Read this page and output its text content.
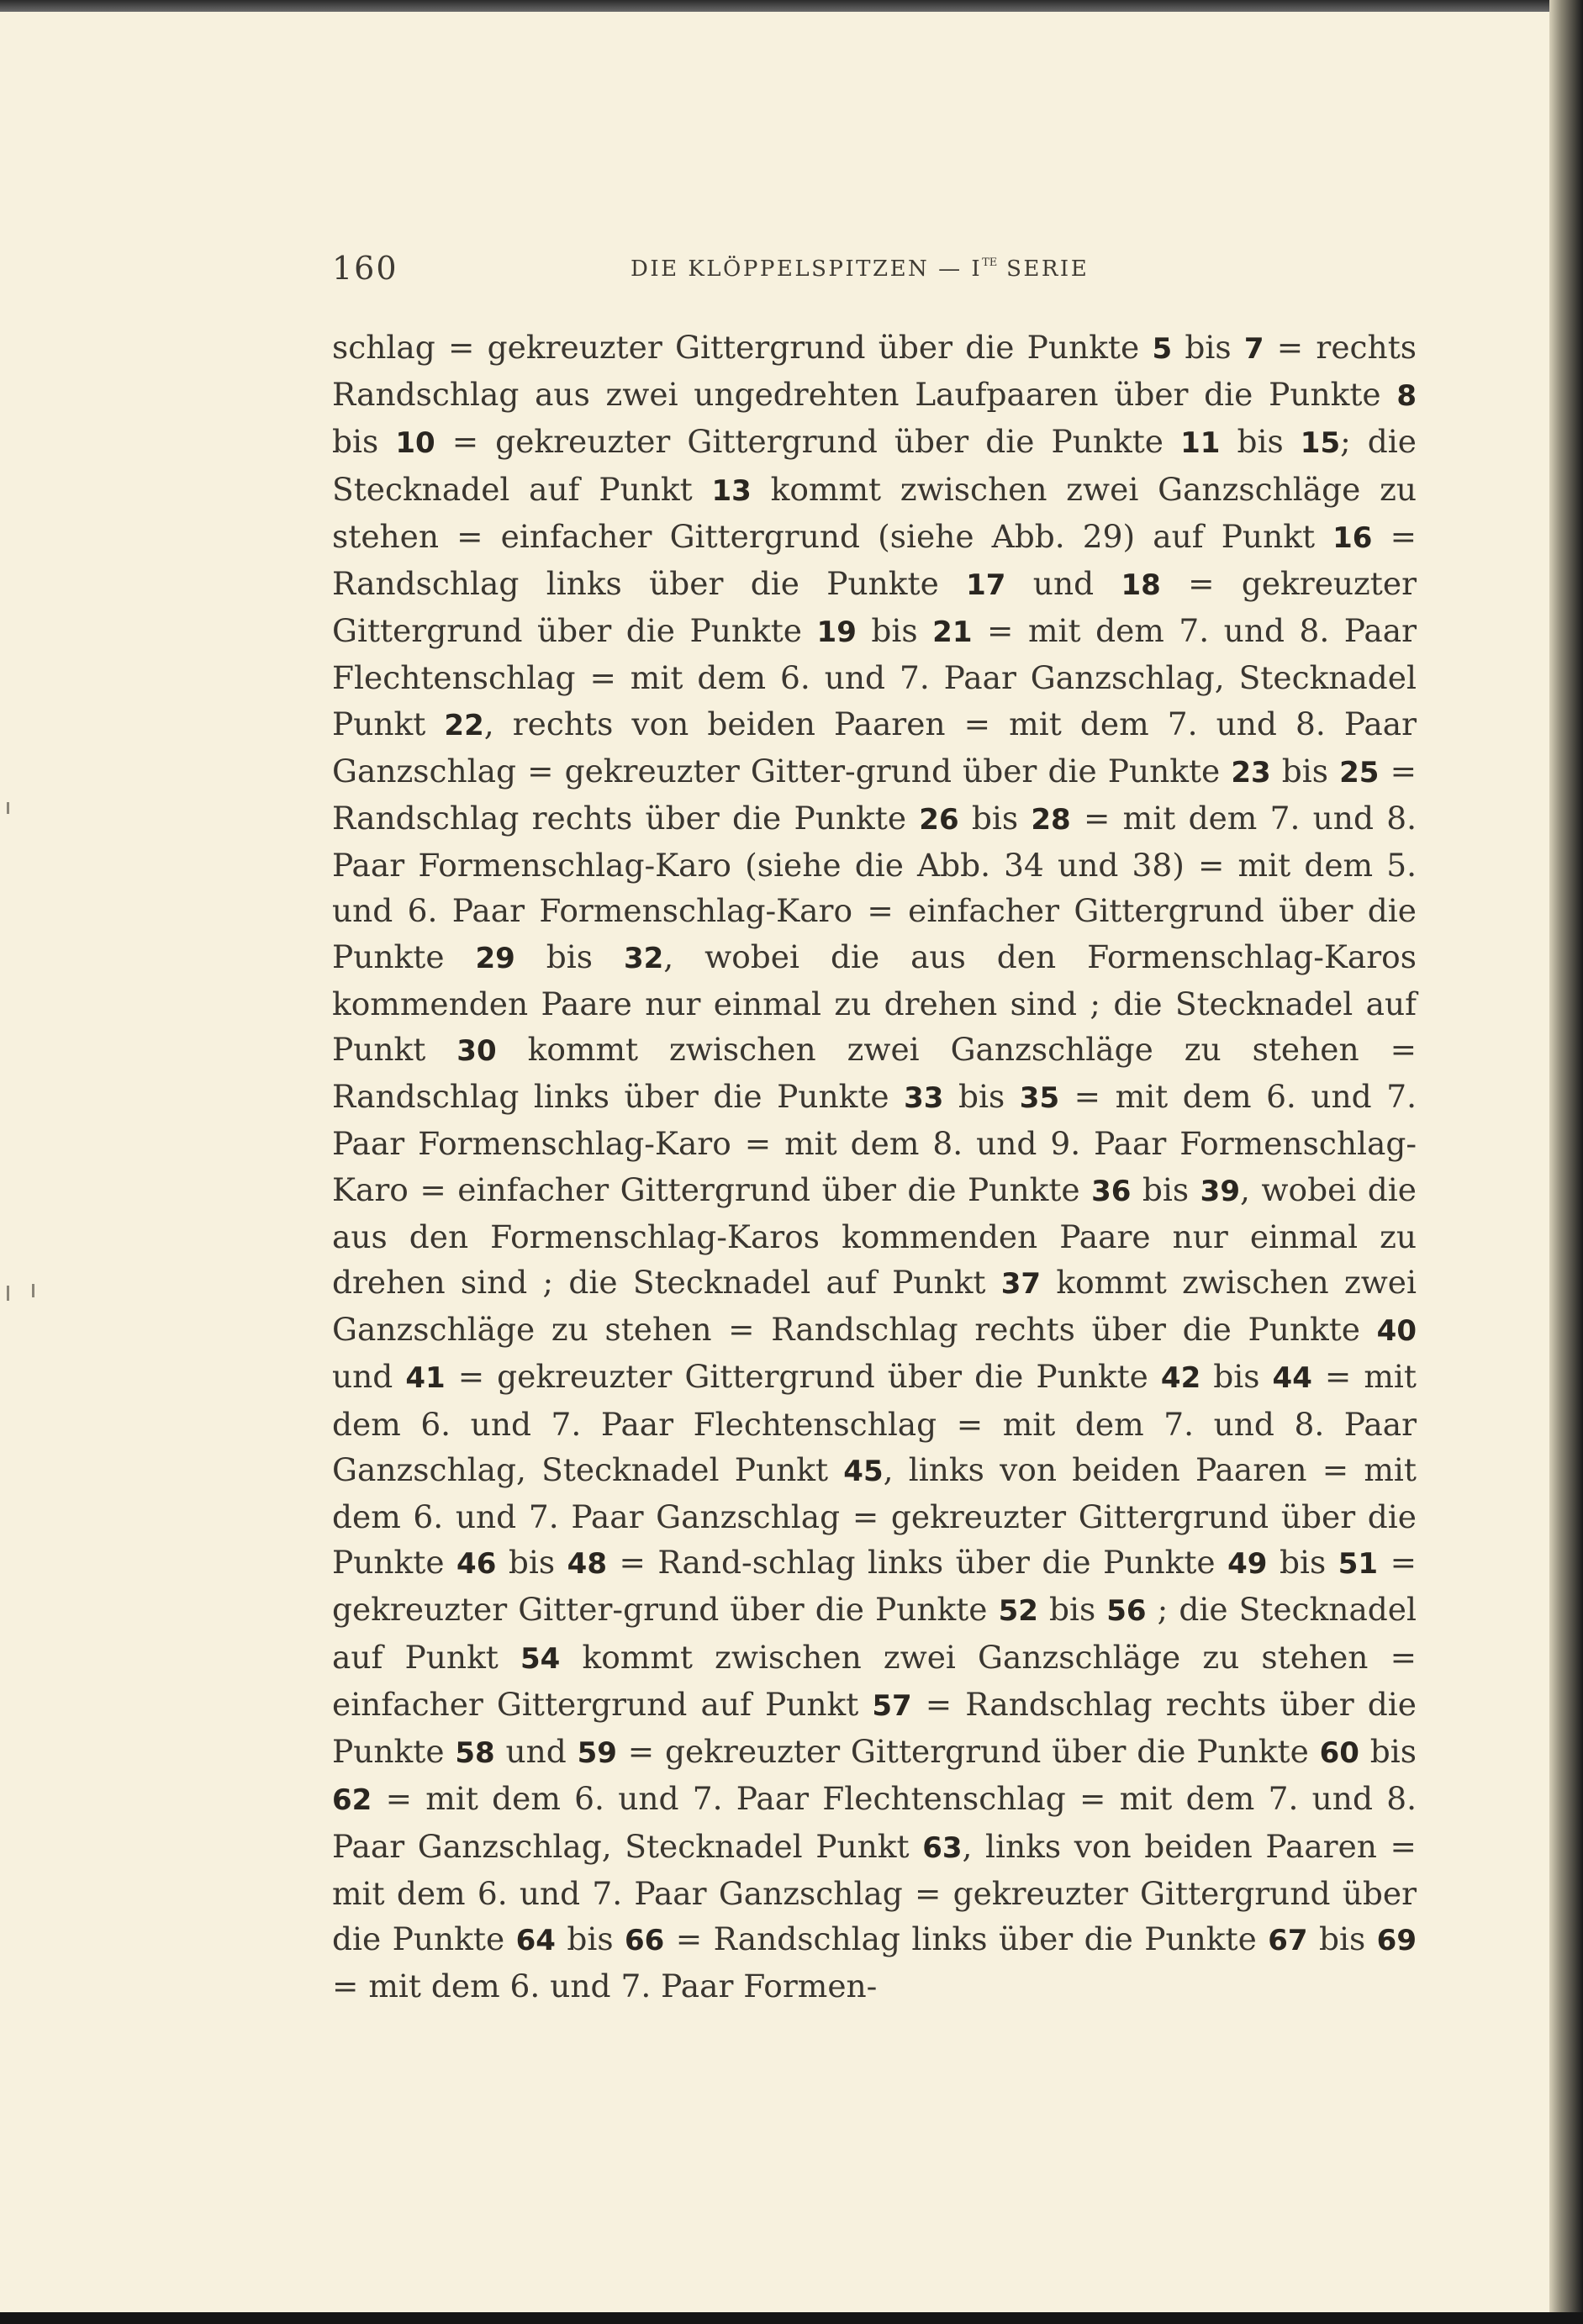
160	DIE KLÖPPELSPITZEN — $I^{TE}$ SERIE
schlag = gekreuzter Gittergrund über die Punkte 5 bis 7 = rechts Randschlag aus zwei ungedrehten Laufpaaren über die Punkte 8 bis 10 = gekreuzter Gittergrund über die Punkte 11 bis 15; die Stecknadel auf Punkt 13 kommt zwischen zwei Ganzschläge zu stehen = einfacher Gittergrund (siehe Abb. 29) auf Punkt 16 = Randschlag links über die Punkte 17 und 18 = gekreuzter Gittergrund über die Punkte 19 bis 21 = mit dem 7. und 8. Paar Flechtenschlag = mit dem 6. und 7. Paar Ganzschlag, Stecknadel Punkt 22, rechts von beiden Paaren = mit dem 7. und 8. Paar Ganzschlag = gekreuzter Gitter-grund über die Punkte 23 bis 25 = Randschlag rechts über die Punkte 26 bis 28 = mit dem 7. und 8. Paar Formenschlag-Karo (siehe die Abb. 34 und 38) = mit dem 5. und 6. Paar Formenschlag-Karo = einfacher Gittergrund über die Punkte 29 bis 32, wobei die aus den Formenschlag-Karos kommenden Paare nur einmal zu drehen sind ; die Stecknadel auf Punkt 30 kommt zwischen zwei Ganzschläge zu stehen = Randschlag links über die Punkte 33 bis 35 = mit dem 6. und 7. Paar Formenschlag-Karo = mit dem 8. und 9. Paar Formenschlag-Karo = einfacher Gittergrund über die Punkte 36 bis 39, wobei die aus den Formenschlag-Karos kommenden Paare nur einmal zu drehen sind ; die Stecknadel auf Punkt 37 kommt zwischen zwei Ganzschläge zu stehen = Randschlag rechts über die Punkte 40 und 41 = gekreuzter Gittergrund über die Punkte 42 bis 44 = mit dem 6. und 7. Paar Flechtenschlag = mit dem 7. und 8. Paar Ganzschlag, Stecknadel Punkt 45, links von beiden Paaren = mit dem 6. und 7. Paar Ganzschlag = gekreuzter Gittergrund über die Punkte 46 bis 48 = Rand-schlag links über die Punkte 49 bis 51 = gekreuzter Gitter-grund über die Punkte 52 bis 56 ; die Stecknadel auf Punkt 54 kommt zwischen zwei Ganzschläge zu stehen = einfacher Gittergrund auf Punkt 57 = Randschlag rechts über die Punkte 58 und 59 = gekreuzter Gittergrund über die Punkte 60 bis 62 = mit dem 6. und 7. Paar Flechtenschlag = mit dem 7. und 8. Paar Ganzschlag, Stecknadel Punkt 63, links von beiden Paaren = mit dem 6. und 7. Paar Ganzschlag = gekreuzter Gittergrund über die Punkte 64 bis 66 = Randschlag links über die Punkte 67 bis 69 = mit dem 6. und 7. Paar Formen-
